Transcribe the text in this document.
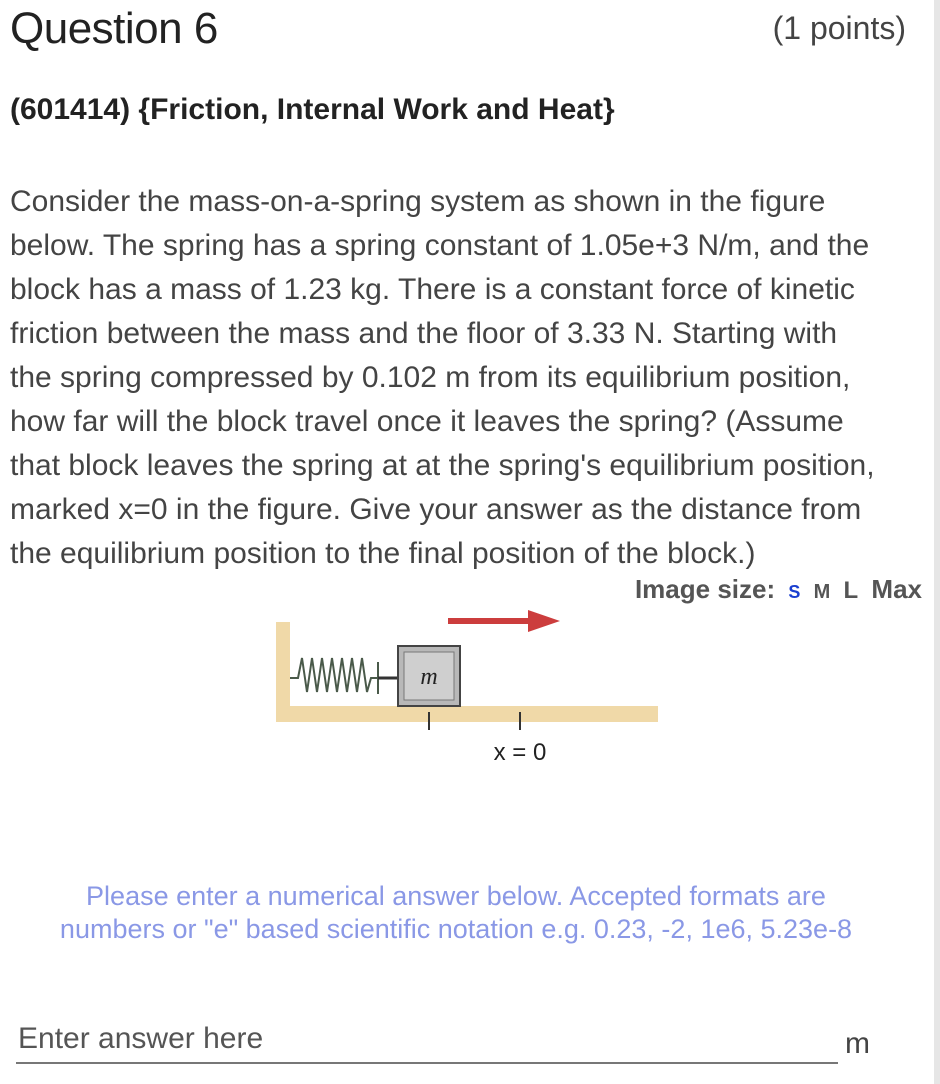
Question 6	(1 points)
(601414) {Friction, Internal Work and Heat}
Consider the mass-on-a-spring system as shown in the figure
below. The spring has a spring constant of 1.05e+3 N/m, and the
block has a mass of 1.23 kg. There is a constant force of kinetic
friction between the mass and the floor of 3.33 N. Starting with
the spring compressed by 0.102 m from its equilibrium position,
how far will the block travel once it leaves the spring? (Assume
that block leaves the spring at at the spring's equilibrium position,
marked x=0 in the figure. Give your answer as the distance from
the equilibrium position to the final position of the block.)
Image size: S M L Max
m
x = 0
Please enter a numerical answer below. Accepted formats are
numbers or "e" based scientific notation e.g. 0.23, -2, 1e6, 5.23e-8
Enter answer here
m
